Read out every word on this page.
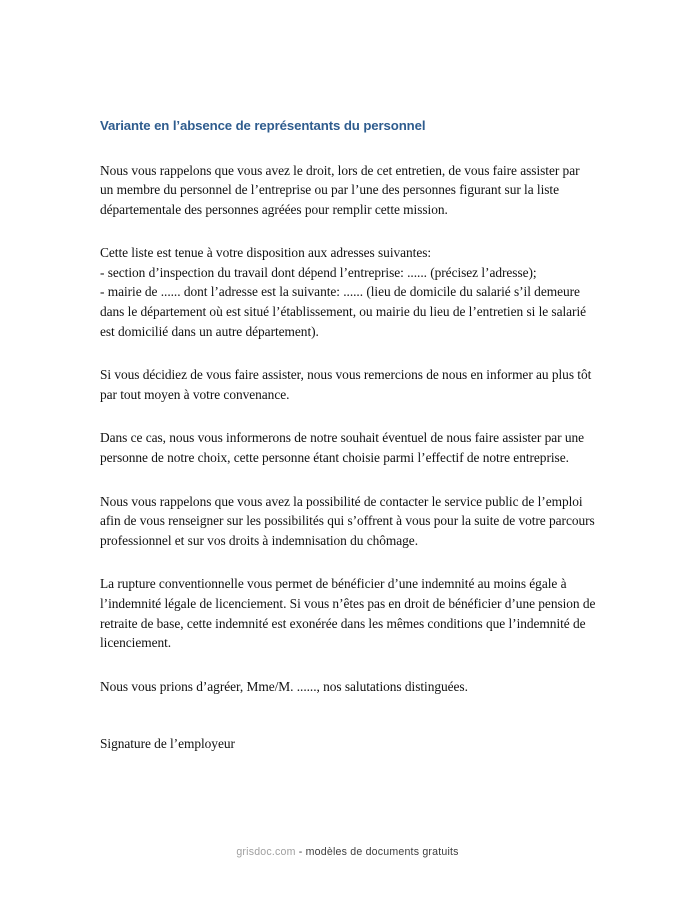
Variante en l’absence de représentants du personnel

Nous vous rappelons que vous avez le droit, lors de cet entretien, de vous faire assister par un membre du personnel de l’entreprise ou par l’une des personnes figurant sur la liste départementale des personnes agréées pour remplir cette mission.

Cette liste est tenue à votre disposition aux adresses suivantes:
- section d’inspection du travail dont dépend l’entreprise: ...... (précisez l’adresse);
- mairie de ...... dont l’adresse est la suivante: ...... (lieu de domicile du salarié s’il demeure dans le département où est situé l’établissement, ou mairie du lieu de l’entretien si le salarié est domicilié dans un autre département).

Si vous décidiez de vous faire assister, nous vous remercions de nous en informer au plus tôt par tout moyen à votre convenance.

Dans ce cas, nous vous informerons de notre souhait éventuel de nous faire assister par une personne de notre choix, cette personne étant choisie parmi l’effectif de notre entreprise.

Nous vous rappelons que vous avez la possibilité de contacter le service public de l’emploi afin de vous renseigner sur les possibilités qui s’offrent à vous pour la suite de votre parcours professionnel et sur vos droits à indemnisation du chômage.

La rupture conventionnelle vous permet de bénéficier d’une indemnité au moins égale à l’indemnité légale de licenciement. Si vous n’êtes pas en droit de bénéficier d’une pension de retraite de base, cette indemnité est exonérée dans les mêmes conditions que l’indemnité de licenciement.

Nous vous prions d’agréer, Mme/M. ......, nos salutations distinguées.

Signature de l’employeur

grisdoc.com - modèles de documents gratuits
